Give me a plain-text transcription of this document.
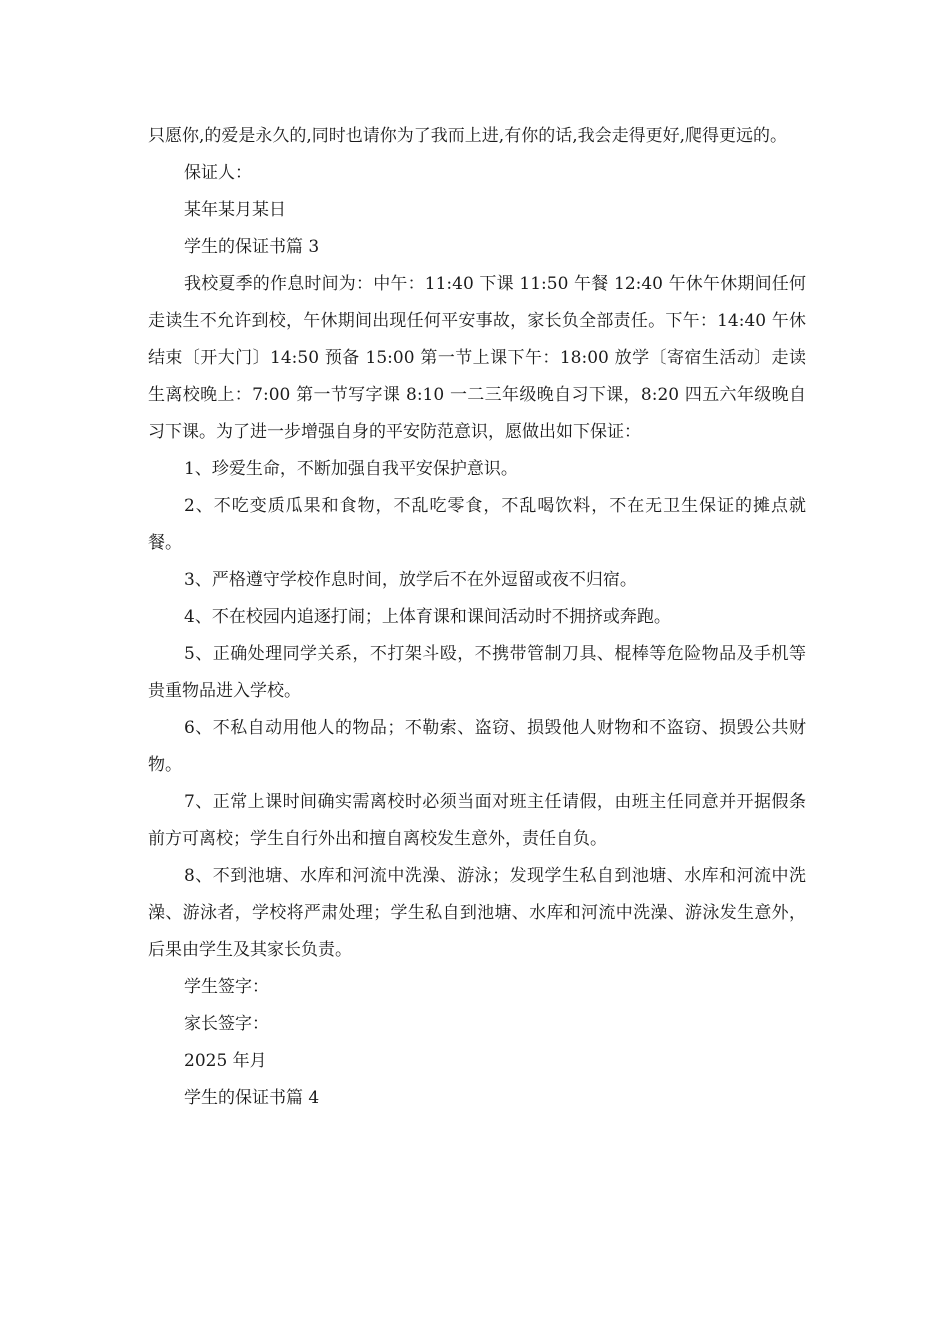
只愿你,的爱是永久的,同时也请你为了我而上进,有你的话,我会走得更好,爬得更远的。

保证人：

某年某月某日

学生的保证书篇 3

我校夏季的作息时间为：中午：11:40 下课 11:50 午餐 12:40 午休午休期间任何走读生不允许到校，午休期间出现任何平安事故，家长负全部责任。下午：14:40 午休结束〔开大门〕14:50 预备 15:00 第一节上课下午：18:00 放学〔寄宿生活动〕走读生离校晚上：7:00 第一节写字课 8:10 一二三年级晚自习下课，8:20 四五六年级晚自习下课。为了进一步增强自身的平安防范意识，愿做出如下保证：

1、珍爱生命，不断加强自我平安保护意识。

2、不吃变质瓜果和食物，不乱吃零食，不乱喝饮料，不在无卫生保证的摊点就餐。

3、严格遵守学校作息时间，放学后不在外逗留或夜不归宿。

4、不在校园内追逐打闹；上体育课和课间活动时不拥挤或奔跑。

5、正确处理同学关系，不打架斗殴，不携带管制刀具、棍棒等危险物品及手机等贵重物品进入学校。

6、不私自动用他人的物品；不勒索、盗窃、损毁他人财物和不盗窃、损毁公共财物。

7、正常上课时间确实需离校时必须当面对班主任请假，由班主任同意并开据假条前方可离校；学生自行外出和擅自离校发生意外，责任自负。

8、不到池塘、水库和河流中洗澡、游泳；发现学生私自到池塘、水库和河流中洗澡、游泳者，学校将严肃处理；学生私自到池塘、水库和河流中洗澡、游泳发生意外，后果由学生及其家长负责。

学生签字：

家长签字：

2025 年月

学生的保证书篇 4
